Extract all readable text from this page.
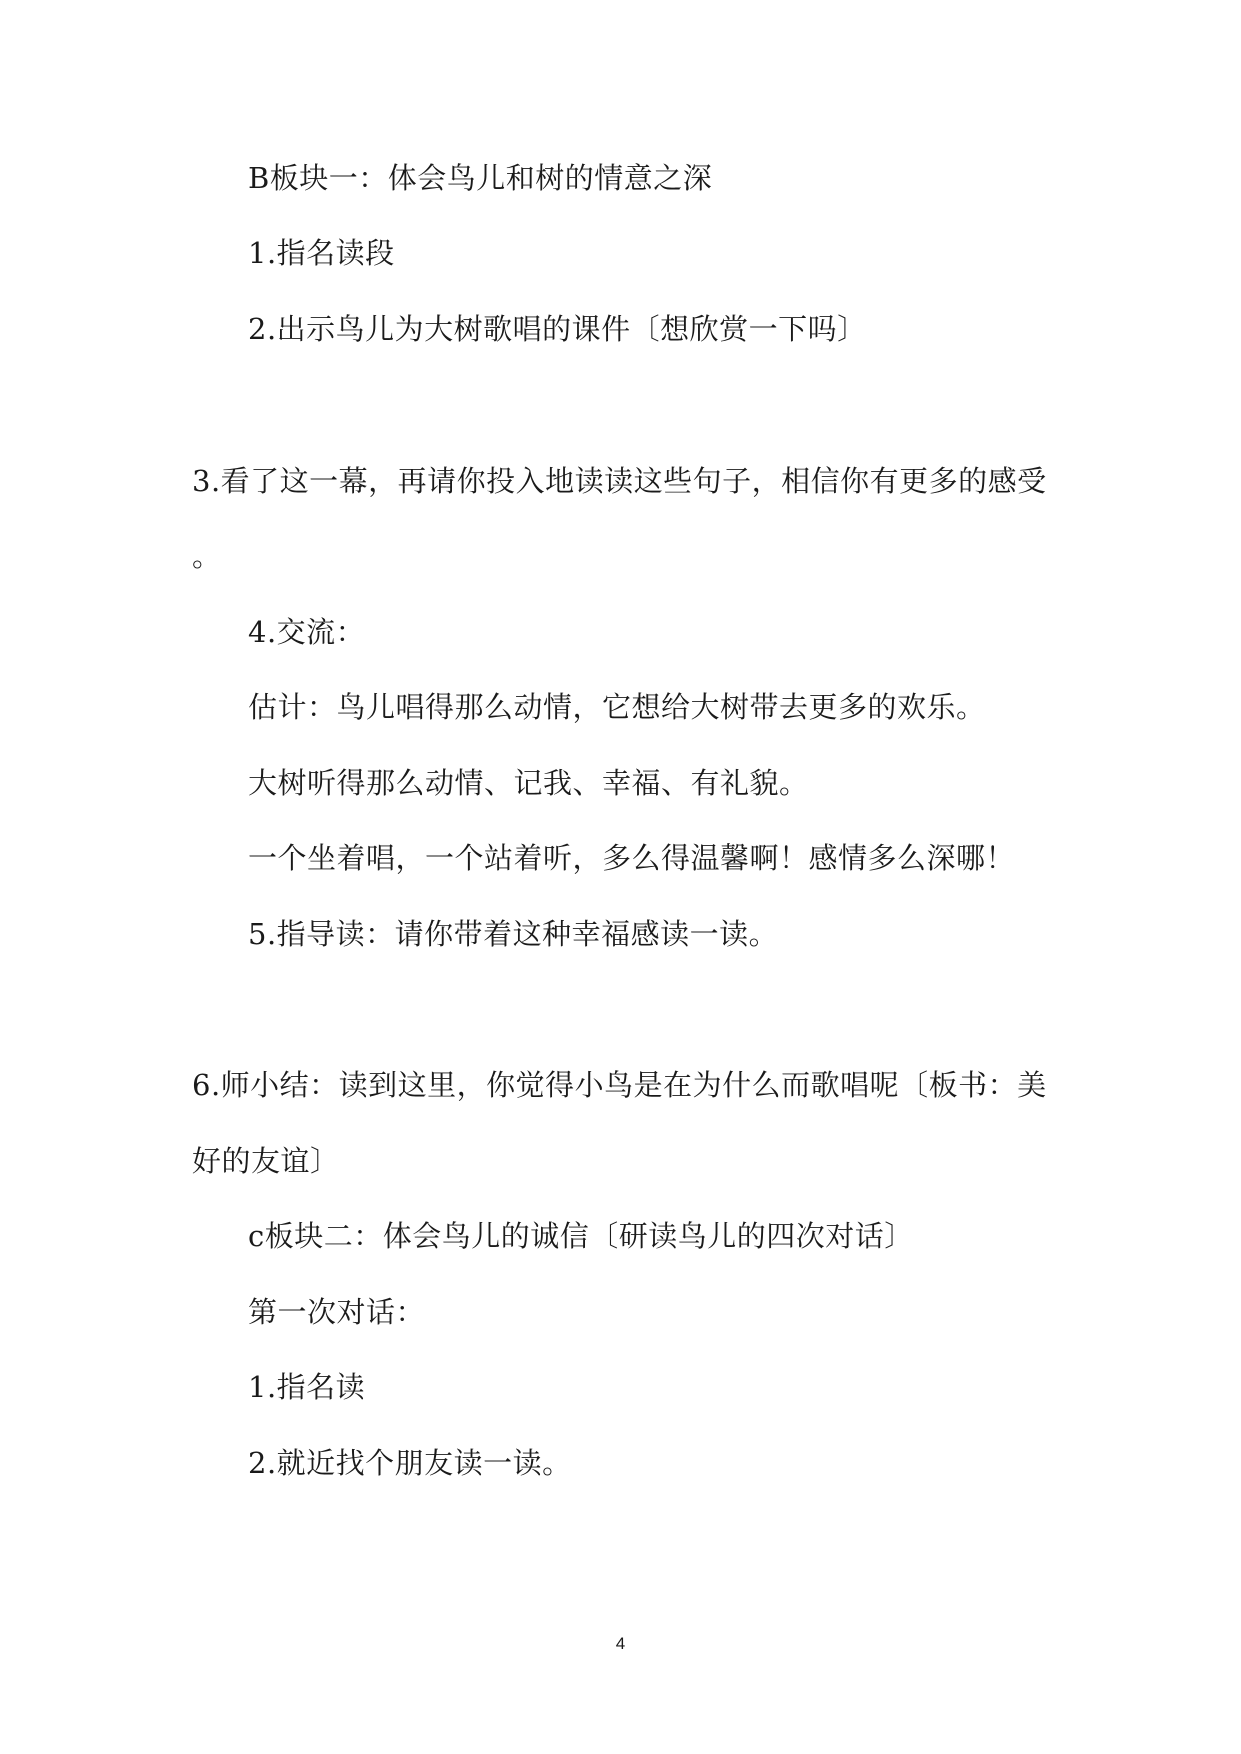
B板块一：体会鸟儿和树的情意之深
1.指名读段
2.出示鸟儿为大树歌唱的课件〔想欣赏一下吗〕
3.看了这一幕，再请你投入地读读这些句子，相信你有更多的感受
。
4.交流：
估计：鸟儿唱得那么动情，它想给大树带去更多的欢乐。
大树听得那么动情、记我、幸福、有礼貌。
一个坐着唱，一个站着听，多么得温馨啊！感情多么深哪！
5.指导读：请你带着这种幸福感读一读。
6.师小结：读到这里，你觉得小鸟是在为什么而歌唱呢〔板书：美
好的友谊〕
c板块二：体会鸟儿的诚信〔研读鸟儿的四次对话〕
第一次对话：
1.指名读
2.就近找个朋友读一读。
4
